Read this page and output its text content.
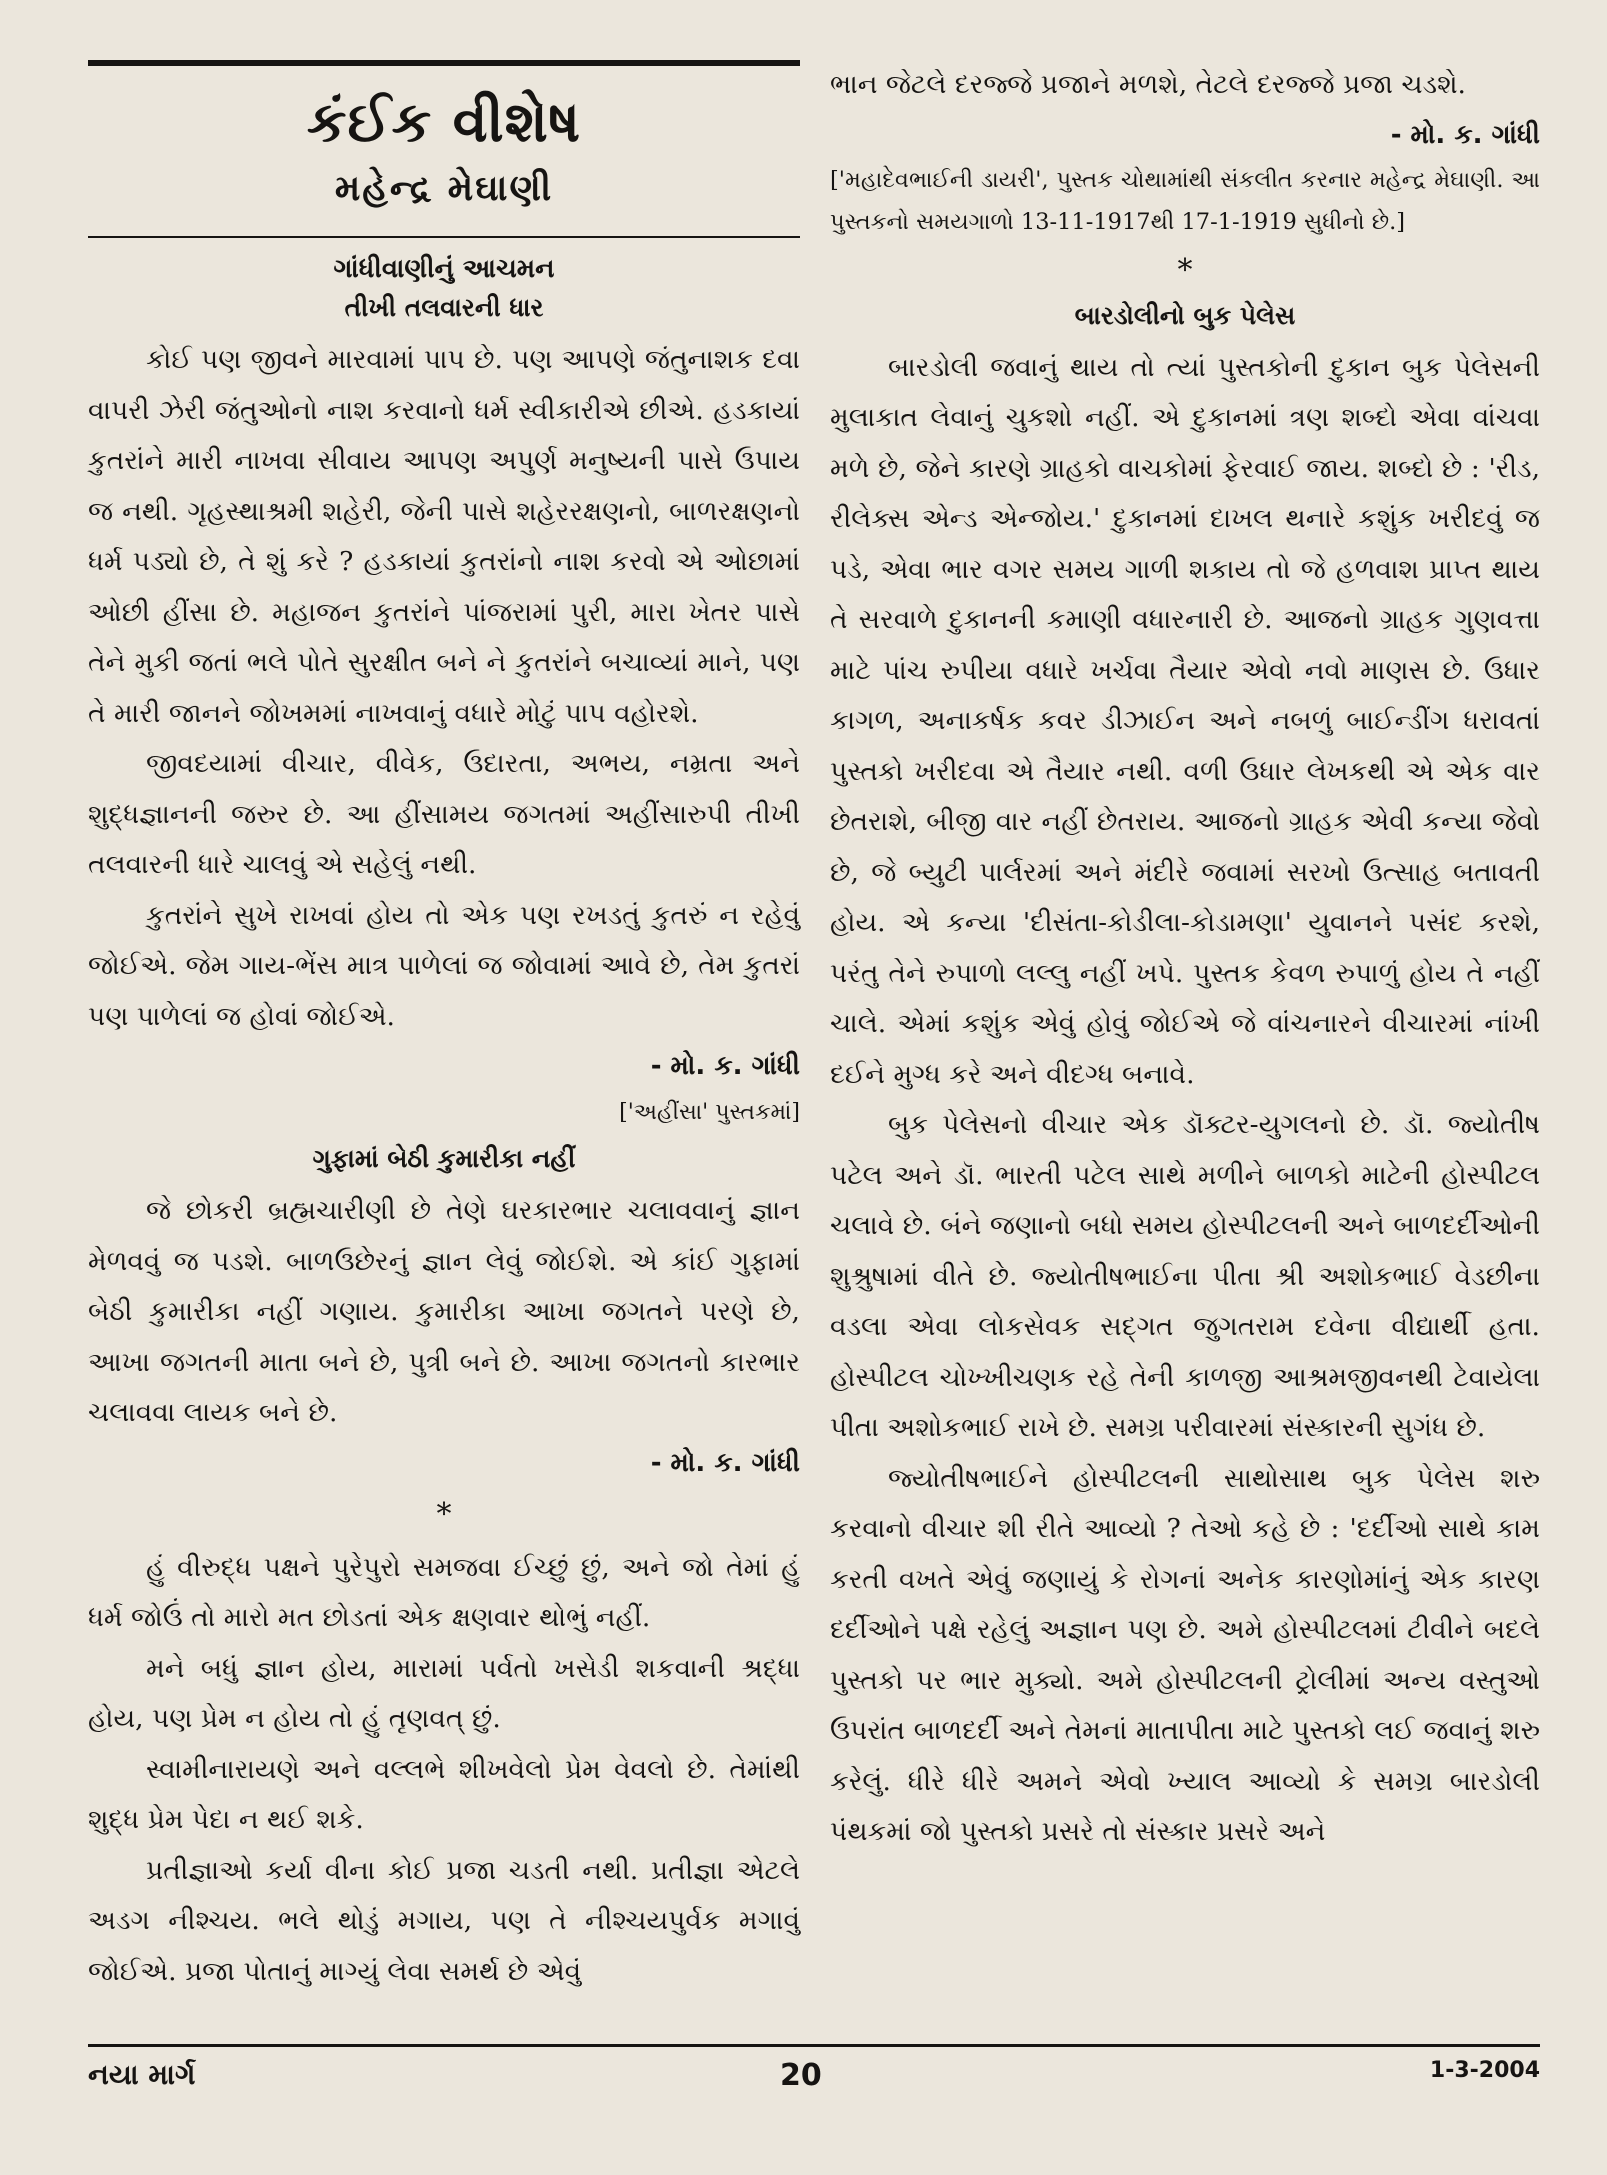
કંઈક વીશેષ
મહેન્દ્ર મેઘાણી
ગાંધીવાણીનું આચમન
તીખી તલવારની ધાર

કોઈ પણ જીવને મારવામાં પાપ છે. પણ આપણે જંતુનાશક દવા વાપરી ઝેરી જંતુઓનો નાશ કરવાનો ધર્મ સ્વીકારીએ છીએ. હડકાયાં કુતરાંને મારી નાખવા સીવાય આપણ અપુર્ણ મનુષ્યની પાસે ઉપાય જ નથી. ગૃહસ્થાશ્રમી શહેરી, જેની પાસે શહેરરક્ષણનો, બાળરક્ષણનો ધર્મ પડ્યો છે, તે શું કરે ? હડકાયાં કુતરાંનો નાશ કરવો એ ઓછામાં ઓછી હીંસા છે. મહાજન કુતરાંને પાંજરામાં પુરી, મારા ખેતર પાસે તેને મુકી જતાં ભલે પોતે સુરક્ષીત બને ને કુતરાંને બચાવ્યાં માને, પણ તે મારી જાનને જોખમમાં નાખવાનું વધારે મોટું પાપ વહોરશે.

જીવદયામાં વીચાર, વીવેક, ઉદારતા, અભય, નમ્રતા અને શુદ્ધજ્ઞાનની જરુર છે. આ હીંસામય જગતમાં અહીંસારુપી તીખી તલવારની ધારે ચાલવું એ સહેલું નથી.

કુતરાંને સુખે રાખવાં હોય તો એક પણ રખડતું કુતરું ન રહેવું જોઈએ. જેમ ગાય-ભેંસ માત્ર પાળેલાં જ જોવામાં આવે છે, તેમ કુતરાં પણ પાળેલાં જ હોવાં જોઈએ.

- મો. ક. ગાંધી

['અહીંસા' પુસ્તકમાં]

ગુફામાં બેઠી કુમારીકા નહીં

જે છોકરી બ્રહ્મચારીણી છે તેણે ઘરકારભાર ચલાવવાનું જ્ઞાન મેળવવું જ પડશે. બાળઉછેરનું જ્ઞાન લેવું જોઈશે. એ કાંઈ ગુફામાં બેઠી કુમારીકા નહીં ગણાય. કુમારીકા આખા જગતને પરણે છે, આખા જગતની માતા બને છે, પુત્રી બને છે. આખા જગતનો કારભાર ચલાવવા લાયક બને છે.

- મો. ક. ગાંધી

*

હું વીરુદ્ધ પક્ષને પુરેપુરો સમજવા ઈચ્છું છું, અને જો તેમાં હું ધર્મ જોઉં તો મારો મત છોડતાં એક ક્ષણવાર થોભું નહીં.

મને બધું જ્ઞાન હોય, મારામાં પર્વતો ખસેડી શકવાની શ્રદ્ધા હોય, પણ પ્રેમ ન હોય તો હું તૃણવત્ છું.

સ્વામીનારાયણે અને વલ્લભે શીખવેલો પ્રેમ વેવલો છે. તેમાંથી શુદ્ધ પ્રેમ પેદા ન થઈ શકે.

પ્રતીજ્ઞાઓ કર્યા વીના કોઈ પ્રજા ચડતી નથી. પ્રતીજ્ઞા એટલે અડગ નીશ્ચય. ભલે થોડું મગાય, પણ તે નીશ્ચયપુર્વક મગાવું જોઈએ. પ્રજા પોતાનું માગ્યું લેવા સમર્થ છે એવું

ભાન જેટલે દરજ્જે પ્રજાને મળશે, તેટલે દરજ્જે પ્રજા ચડશે.

- મો. ક. ગાંધી

['મહાદેવભાઈની ડાયરી', પુસ્તક ચોથામાંથી સંકલીત કરનાર મહેન્દ્ર મેઘાણી. આ પુસ્તકનો સમયગાળો 13-11-1917થી 17-1-1919 સુધીનો છે.]

*
બારડોલીનો બુક પેલેસ

બારડોલી જવાનું થાય તો ત્યાં પુસ્તકોની દુકાન બુક પેલેસની મુલાકાત લેવાનું ચુકશો નહીં. એ દુકાનમાં ત્રણ શબ્દો એવા વાંચવા મળે છે, જેને કારણે ગ્રાહકો વાચકોમાં ફેરવાઈ જાય. શબ્દો છે : 'રીડ, રીલેક્સ એન્ડ એન્જોય.' દુકાનમાં દાખલ થનારે કશુંક ખરીદવું જ પડે, એવા ભાર વગર સમય ગાળી શકાય તો જે હળવાશ પ્રાપ્ત થાય તે સરવાળે દુકાનની કમાણી વધારનારી છે. આજનો ગ્રાહક ગુણવત્તા માટે પાંચ રુપીયા વધારે ખર્ચવા તૈયાર એવો નવો માણસ છે. ઉધાર કાગળ, અનાકર્ષક કવર ડીઝાઈન અને નબળું બાઈન્ડીંગ ધરાવતાં પુસ્તકો ખરીદવા એ તૈયાર નથી. વળી ઉધાર લેખકથી એ એક વાર છેતરાશે, બીજી વાર નહીં છેતરાય. આજનો ગ્રાહક એવી કન્યા જેવો છે, જે બ્યુટી પાર્લરમાં અને મંદીરે જવામાં સરખો ઉત્સાહ બતાવતી હોય. એ કન્યા 'દીસંતા-કોડીલા-કોડામણા' યુવાનને પસંદ કરશે, પરંતુ તેને રુપાળો લલ્લુ નહીં ખપે. પુસ્તક કેવળ રુપાળું હોય તે નહીં ચાલે. એમાં કશુંક એવું હોવું જોઈએ જે વાંચનારને વીચારમાં નાંખી દઈને મુગ્ધ કરે અને વીદગ્ધ બનાવે.

બુક પેલેસનો વીચાર એક ડૉક્ટર-યુગલનો છે. ડૉ. જ્યોતીષ પટેલ અને ડૉ. ભારતી પટેલ સાથે મળીને બાળકો માટેની હોસ્પીટલ ચલાવે છે. બંને જણાનો બધો સમય હોસ્પીટલની અને બાળદર્દીઓની શુશ્રુષામાં વીતે છે. જ્યોતીષભાઈના પીતા શ્રી અશોકભાઈ વેડછીના વડલા એવા લોકસેવક સદ્ગત જુગતરામ દવેના વીદ્યાર્થી હતા. હોસ્પીટલ ચોખ્ખીચણક રહે તેની કાળજી આશ્રમજીવનથી ટેવાયેલા પીતા અશોકભાઈ રાખે છે. સમગ્ર પરીવારમાં સંસ્કારની સુગંધ છે.

જ્યોતીષભાઈને હોસ્પીટલની સાથોસાથ બુક પેલેસ શરુ કરવાનો વીચાર શી રીતે આવ્યો ? તેઓ કહે છે : 'દર્દીઓ સાથે કામ કરતી વખતે એવું જણાયું કે રોગનાં અનેક કારણોમાંનું એક કારણ દર્દીઓને પક્ષે રહેલું અજ્ઞાન પણ છે. અમે હોસ્પીટલમાં ટીવીને બદલે પુસ્તકો પર ભાર મુક્યો. અમે હોસ્પીટલની ટ્રોલીમાં અન્ય વસ્તુઓ ઉપરાંત બાળદર્દી અને તેમનાં માતાપીતા માટે પુસ્તકો લઈ જવાનું શરુ કરેલું. ધીરે ધીરે અમને એવો ખ્યાલ આવ્યો કે સમગ્ર બારડોલી પંથકમાં જો પુસ્તકો પ્રસરે તો સંસ્કાર પ્રસરે અને

નયા માર્ગ	20	1-3-2004
